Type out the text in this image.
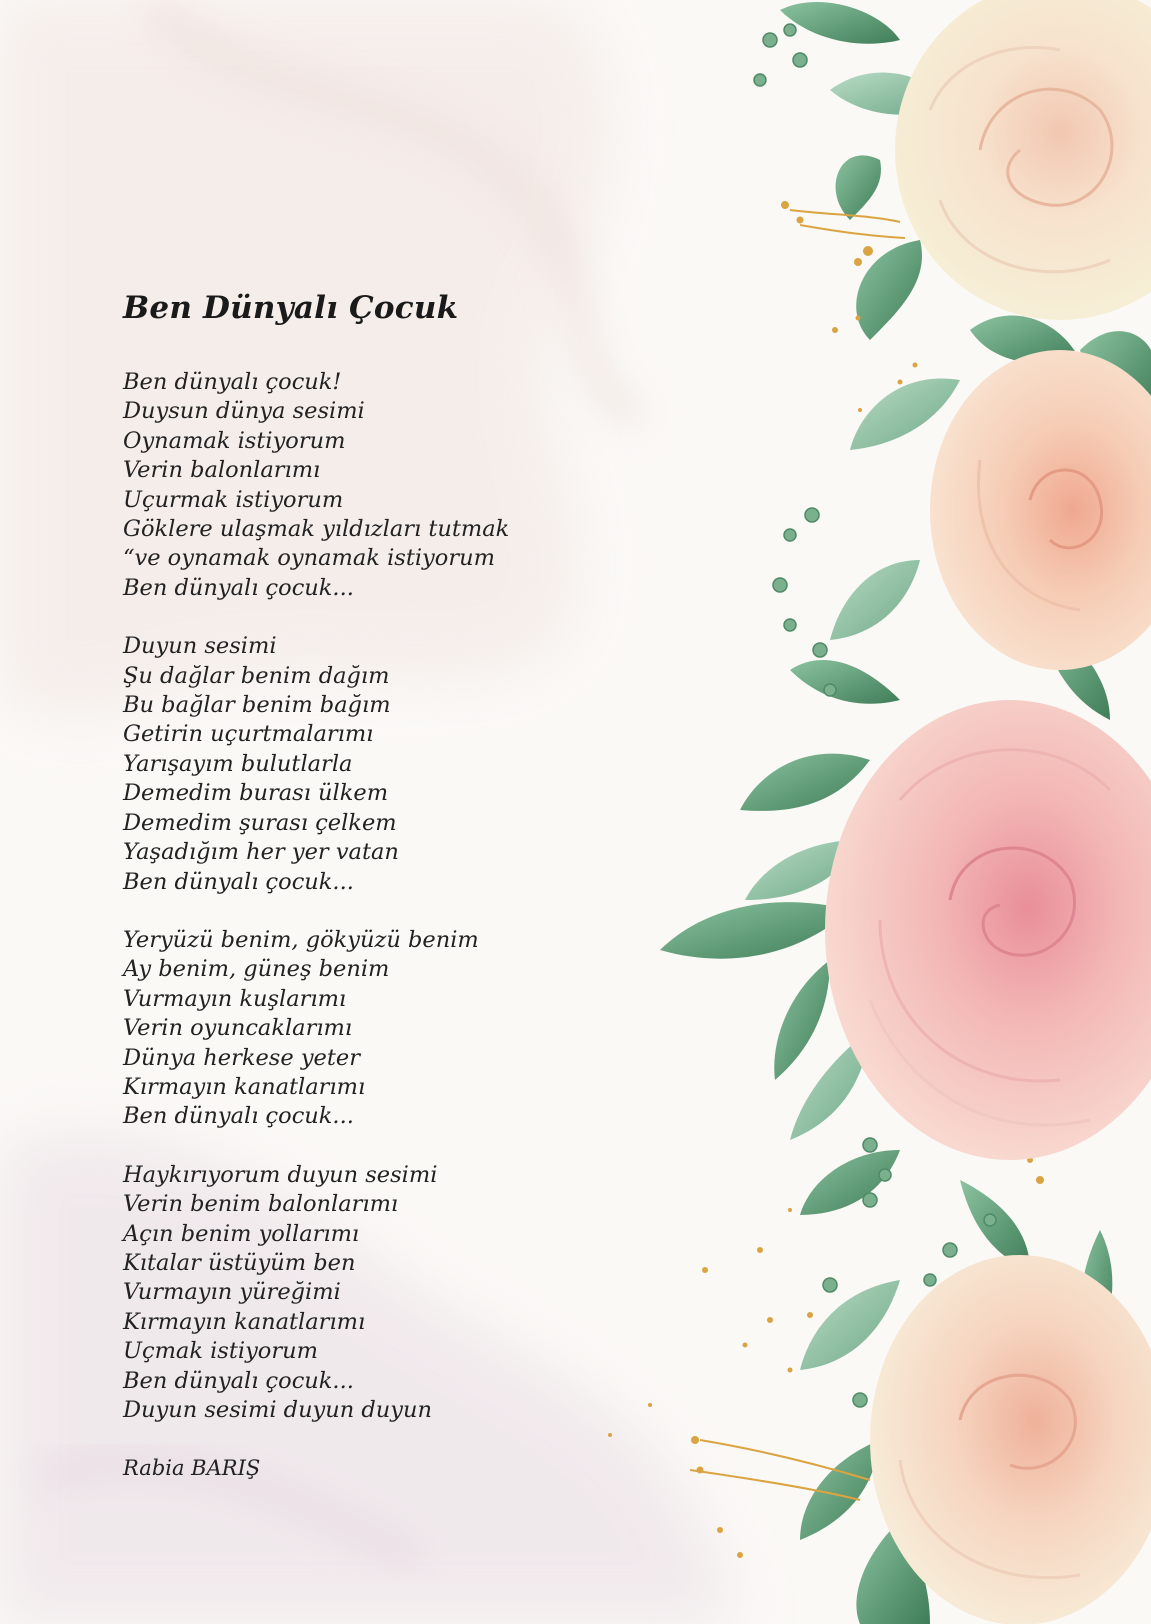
Ben Dünyalı Çocuk
Ben dünyalı çocuk!
Duysun dünya sesimi
Oynamak istiyorum
Verin balonlarımı
Uçurmak istiyorum
Göklere ulaşmak yıldızları tutmak
“ve oynamak oynamak istiyorum
Ben dünyalı çocuk...
Duyun sesimi
Şu dağlar benim dağım
Bu bağlar benim bağım
Getirin uçurtmalarımı
Yarışayım bulutlarla
Demedim burası ülkem
Demedim şurası çelkem
Yaşadığım her yer vatan
Ben dünyalı çocuk...
Yeryüzü benim, gökyüzü benim
Ay benim, güneş benim
Vurmayın kuşlarımı
Verin oyuncaklarımı
Dünya herkese yeter
Kırmayın kanatlarımı
Ben dünyalı çocuk...
Haykırıyorum duyun sesimi
Verin benim balonlarımı
Açın benim yollarımı
Kıtalar üstüyüm ben
Vurmayın yüreğimi
Kırmayın kanatlarımı
Uçmak istiyorum
Ben dünyalı çocuk...
Duyun sesimi duyun duyun
Rabia BARIŞ
